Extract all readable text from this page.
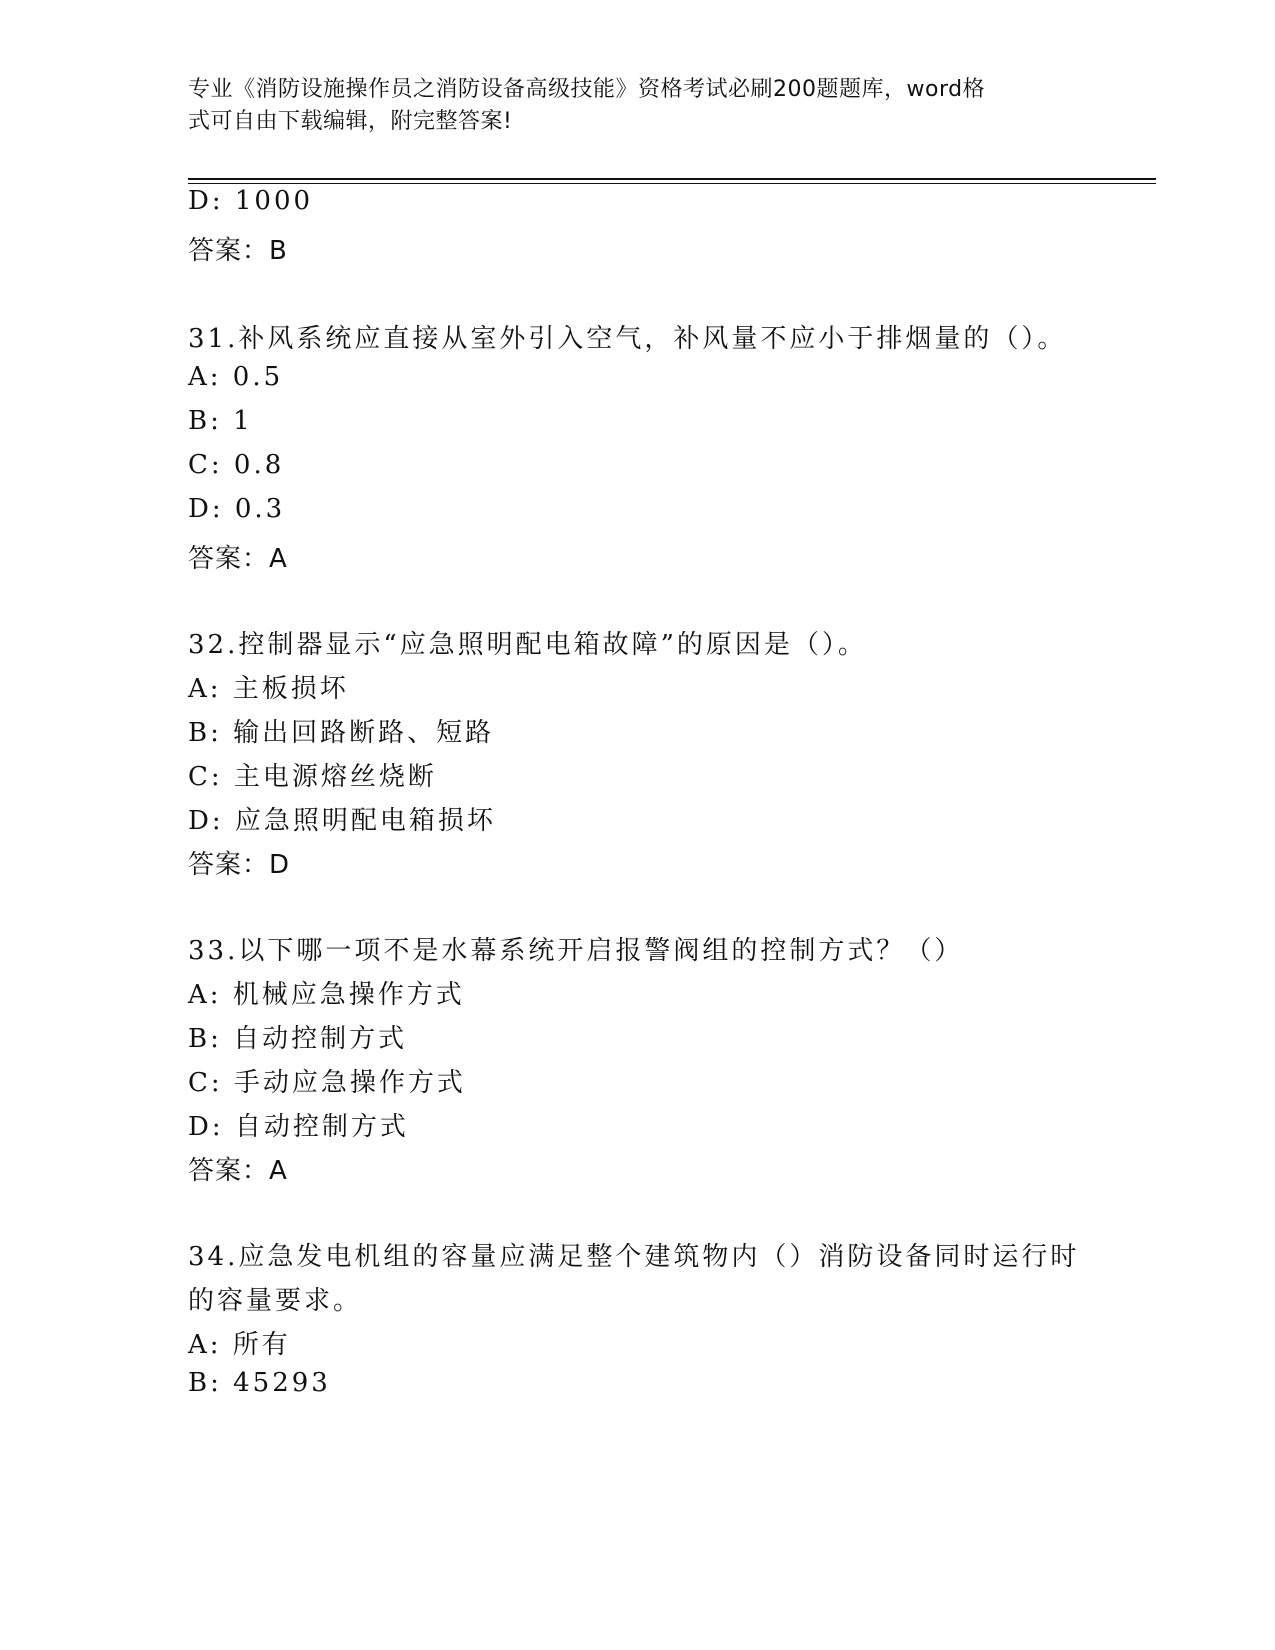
专业《消防设施操作员之消防设备高级技能》资格考试必刷200题题库，word格
式可自由下载编辑，附完整答案!
D: 1000
答案：B
31.补风系统应直接从室外引入空气，补风量不应小于排烟量的（）。
A: 0.5
B: 1
C: 0.8
D: 0.3
答案：A
32.控制器显示“应急照明配电箱故障”的原因是（）。
A: 主板损坏
B: 输出回路断路、短路
C: 主电源熔丝烧断
D: 应急照明配电箱损坏
答案：D
33.以下哪一项不是水幕系统开启报警阀组的控制方式？（）
A: 机械应急操作方式
B: 自动控制方式
C: 手动应急操作方式
D: 自动控制方式
答案：A
34.应急发电机组的容量应满足整个建筑物内（）消防设备同时运行时
的容量要求。
A: 所有
B: 45293
